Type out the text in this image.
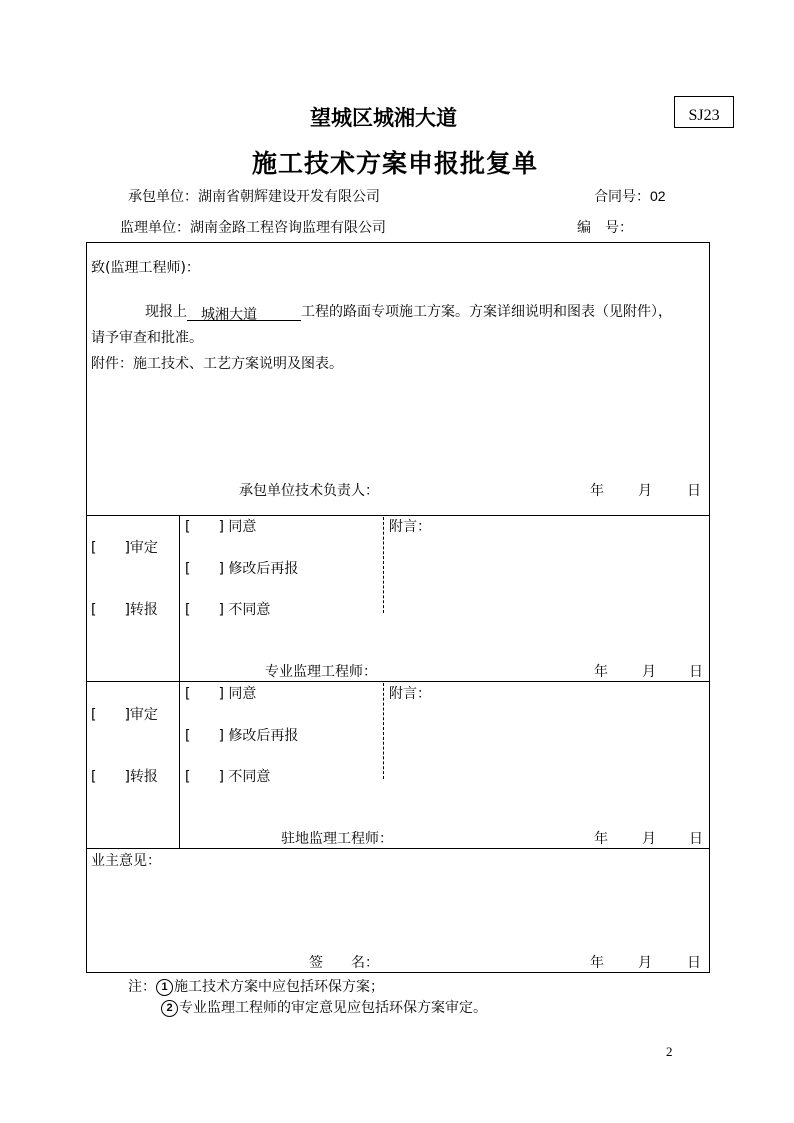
SJ23
望城区城湘大道
施工技术方案申报批复单
承包单位：湖南省朝辉建设开发有限公司	合同号：02
监理单位：湖南金路工程咨询监理有限公司	编　号：
致(监理工程师)：
现报上 城湘大道	工程的路面专项施工方案。方案详细说明和图表（见附件），
请予审查和批准。
附件：施工技术、工艺方案说明及图表。
承包单位技术负责人：	年 月	日
[　　]审定
[　　]转报
[　　] 同意
[　　] 修改后再报
[　　] 不同意
附言：
专业监理工程师：	年 月 日
[　　]审定
[　　]转报
[　　] 同意
[　　] 修改后再报
[　　] 不同意
附言：
驻地监理工程师：	年 月 日
业主意见：
签　　名：	年 月	日
注： 1 施工技术方案中应包括环保方案；
2 专业监理工程师的审定意见应包括环保方案审定。
2
